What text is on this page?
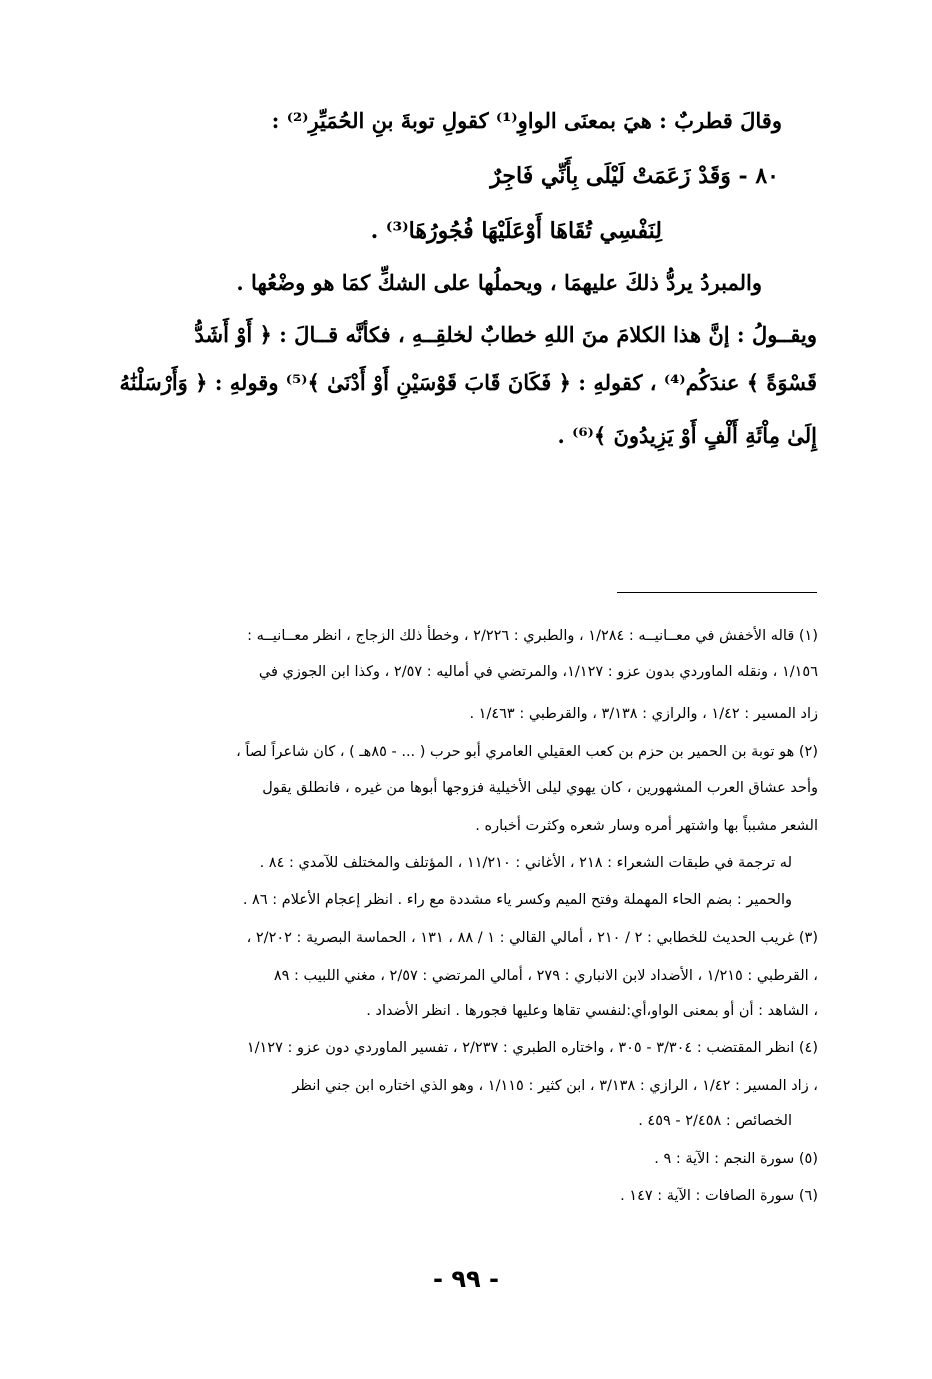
وقالَ قطربٌ : هيَ بمعنَى الواوِ⁽¹⁾ كقولِ توبةَ بنِ الحُمَيِّرِ⁽²⁾ :
٨٠ - وَقَدْ زَعَمَتْ لَيْلَى بِأَنِّي فَاجِرٌ
لِنَفْسِي تُقَاهَا أَوْعَلَيْهَا فُجُورُهَا⁽³⁾ .
والمبردُ يردُّ ذلكَ عليهمَا ، ويحملُها على الشكِّ كمَا هو وضْعُها .
ويقــولُ : إنَّ هذا الكلامَ منَ اللهِ خطابٌ لخلقِــهِ ، فكأنَّه قــالَ : ﴿ أَوْ أَشَدُّ
قَسْوَةً ﴾ عندَكُم⁽⁴⁾ ، كقولهِ : ﴿ فَكَانَ قَابَ قَوْسَيْنِ أَوْ أَدْنَىٰ ﴾⁽⁵⁾ وقولهِ : ﴿ وَأَرْسَلْنَٰهُ
إِلَىٰ مِاْئَةِ أَلْفٍ أَوْ يَزِيدُونَ ﴾⁽⁶⁾ .
(١) قاله الأخفش في معــانيــه : ١/٢٨٤ ، والطبري : ٢/٢٢٦ ، وخطأ ذلك الزجاج ، انظر معــانيــه :
١/١٥٦ ، ونقله الماوردي بدون عزو : ١/١٢٧، والمرتضي في أماليه : ٢/٥٧ ، وكذا ابن الجوزي في
زاد المسير : ١/٤٢ ، والرازي : ٣/١٣٨ ، والقرطبي : ١/٤٦٣ .
(٢) هو توبة بن الحمير بن حزم بن كعب العقيلي العامري أبو حرب ( ... - ٨٥هـ ) ، كان شاعراً لصاً ،
وأحد عشاق العرب المشهورين ، كان يهوي ليلى الأخيلية فزوجها أبوها من غيره ، فانطلق يقول
الشعر مشبباً بها واشتهر أمره وسار شعره وكثرت أخباره .
له ترجمة في طبقات الشعراء : ٢١٨ ، الأغاني : ١١/٢١٠ ، المؤتلف والمختلف للآمدي : ٨٤ .
والحمير : بضم الحاء المهملة وفتح الميم وكسر ياء مشددة مع راء . انظر إعجام الأعلام : ٨٦ .
(٣) غريب الحديث للخطابي : ٢ / ٢١٠ ، أمالي القالي : ١ / ٨٨ ، ١٣١ ، الحماسة البصرية : ٢/٢٠٢ ،
، القرطبي : ١/٢١٥ ، الأضداد لابن الانباري : ٢٧٩ ، أمالي المرتضي : ٢/٥٧ ، مغني اللبيب : ٨٩
، الشاهد : أن أو بمعنى الواو،أي:لنفسي تقاها وعليها فجورها . انظر الأضداد .
(٤) انظر المقتضب : ٣/٣٠٤ - ٣٠٥ ، واختاره الطبري : ٢/٢٣٧ ، تفسير الماوردي دون عزو : ١/١٢٧
، زاد المسير : ١/٤٢ ، الرازي : ٣/١٣٨ ، ابن كثير : ١/١١٥ ، وهو الذي اختاره ابن جني انظر
الخصائص : ٢/٤٥٨ - ٤٥٩ .
(٥) سورة النجم : الآية : ٩ .
(٦) سورة الصافات : الآية : ١٤٧ .
- ٩٩ -
